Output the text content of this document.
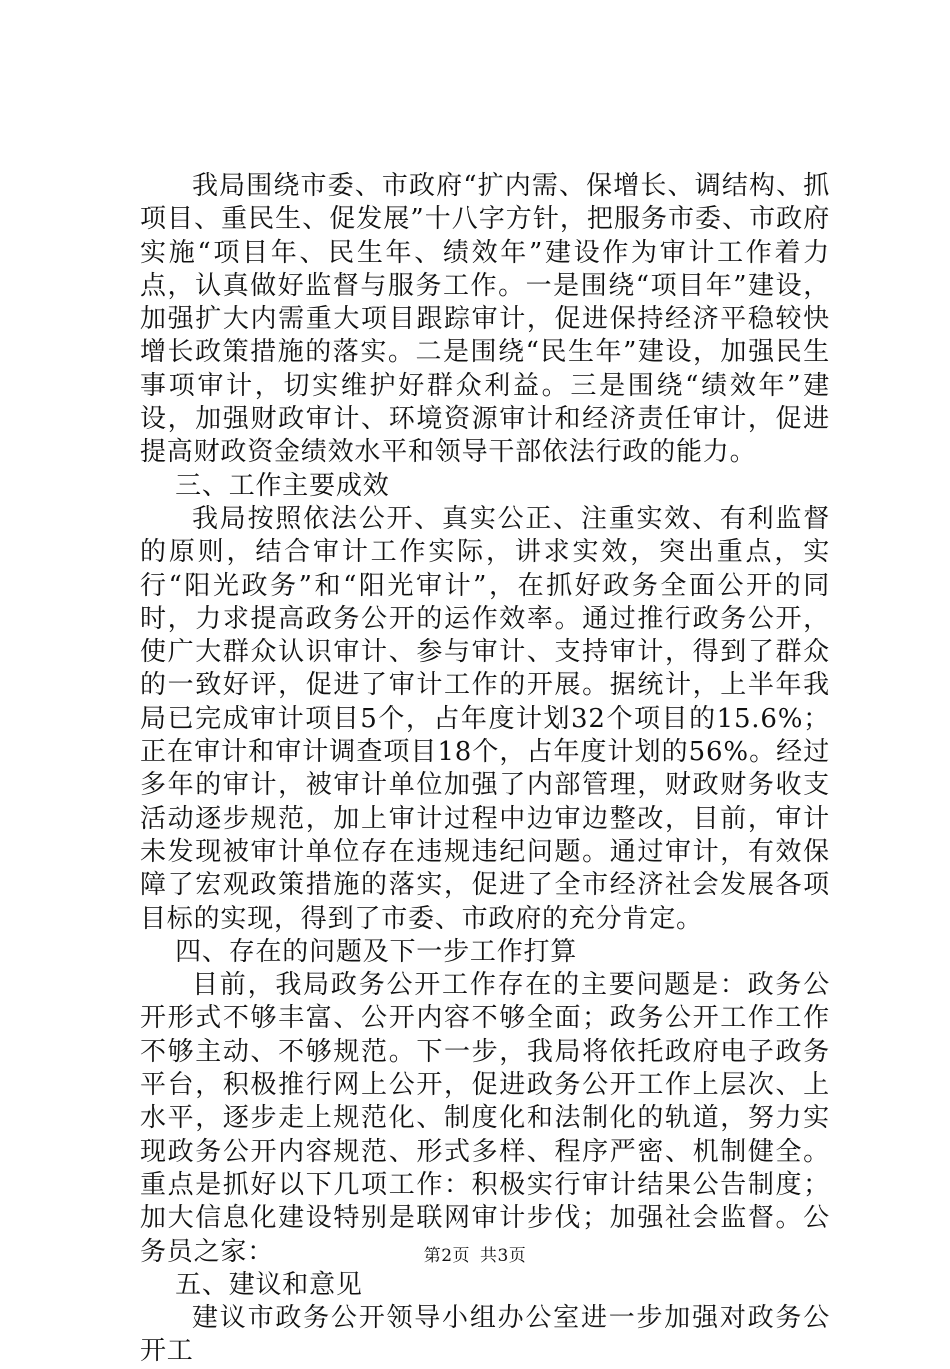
我局围绕市委、市政府“扩内需、保增长、调结构、抓项目、重民生、促发展”十八字方针，把服务市委、市政府实施“项目年、民生年、绩效年”建设作为审计工作着力点，认真做好监督与服务工作。一是围绕“项目年”建设，加强扩大内需重大项目跟踪审计，促进保持经济平稳较快增长政策措施的落实。二是围绕“民生年”建设，加强民生事项审计，切实维护好群众利益。三是围绕“绩效年”建设，加强财政审计、环境资源审计和经济责任审计，促进提高财政资金绩效水平和领导干部依法行政的能力。

三、工作主要成效

我局按照依法公开、真实公正、注重实效、有利监督的原则，结合审计工作实际，讲求实效，突出重点，实行“阳光政务”和“阳光审计”，在抓好政务全面公开的同时，力求提高政务公开的运作效率。通过推行政务公开，使广大群众认识审计、参与审计、支持审计，得到了群众的一致好评，促进了审计工作的开展。据统计，上半年我局已完成审计项目5个，占年度计划32个项目的15.6%；正在审计和审计调查项目18个，占年度计划的56%。经过多年的审计，被审计单位加强了内部管理，财政财务收支活动逐步规范，加上审计过程中边审边整改，目前，审计未发现被审计单位存在违规违纪问题。通过审计，有效保障了宏观政策措施的落实，促进了全市经济社会发展各项目标的实现，得到了市委、市政府的充分肯定。

四、存在的问题及下一步工作打算

目前，我局政务公开工作存在的主要问题是：政务公开形式不够丰富、公开内容不够全面；政务公开工作工作不够主动、不够规范。下一步，我局将依托政府电子政务平台，积极推行网上公开，促进政务公开工作上层次、上水平，逐步走上规范化、制度化和法制化的轨道，努力实现政务公开内容规范、形式多样、程序严密、机制健全。重点是抓好以下几项工作：积极实行审计结果公告制度；加大信息化建设特别是联网审计步伐；加强社会监督。公务员之家：

五、建议和意见

建议市政务公开领导小组办公室进一步加强对政务公开工

第2页 共3页
